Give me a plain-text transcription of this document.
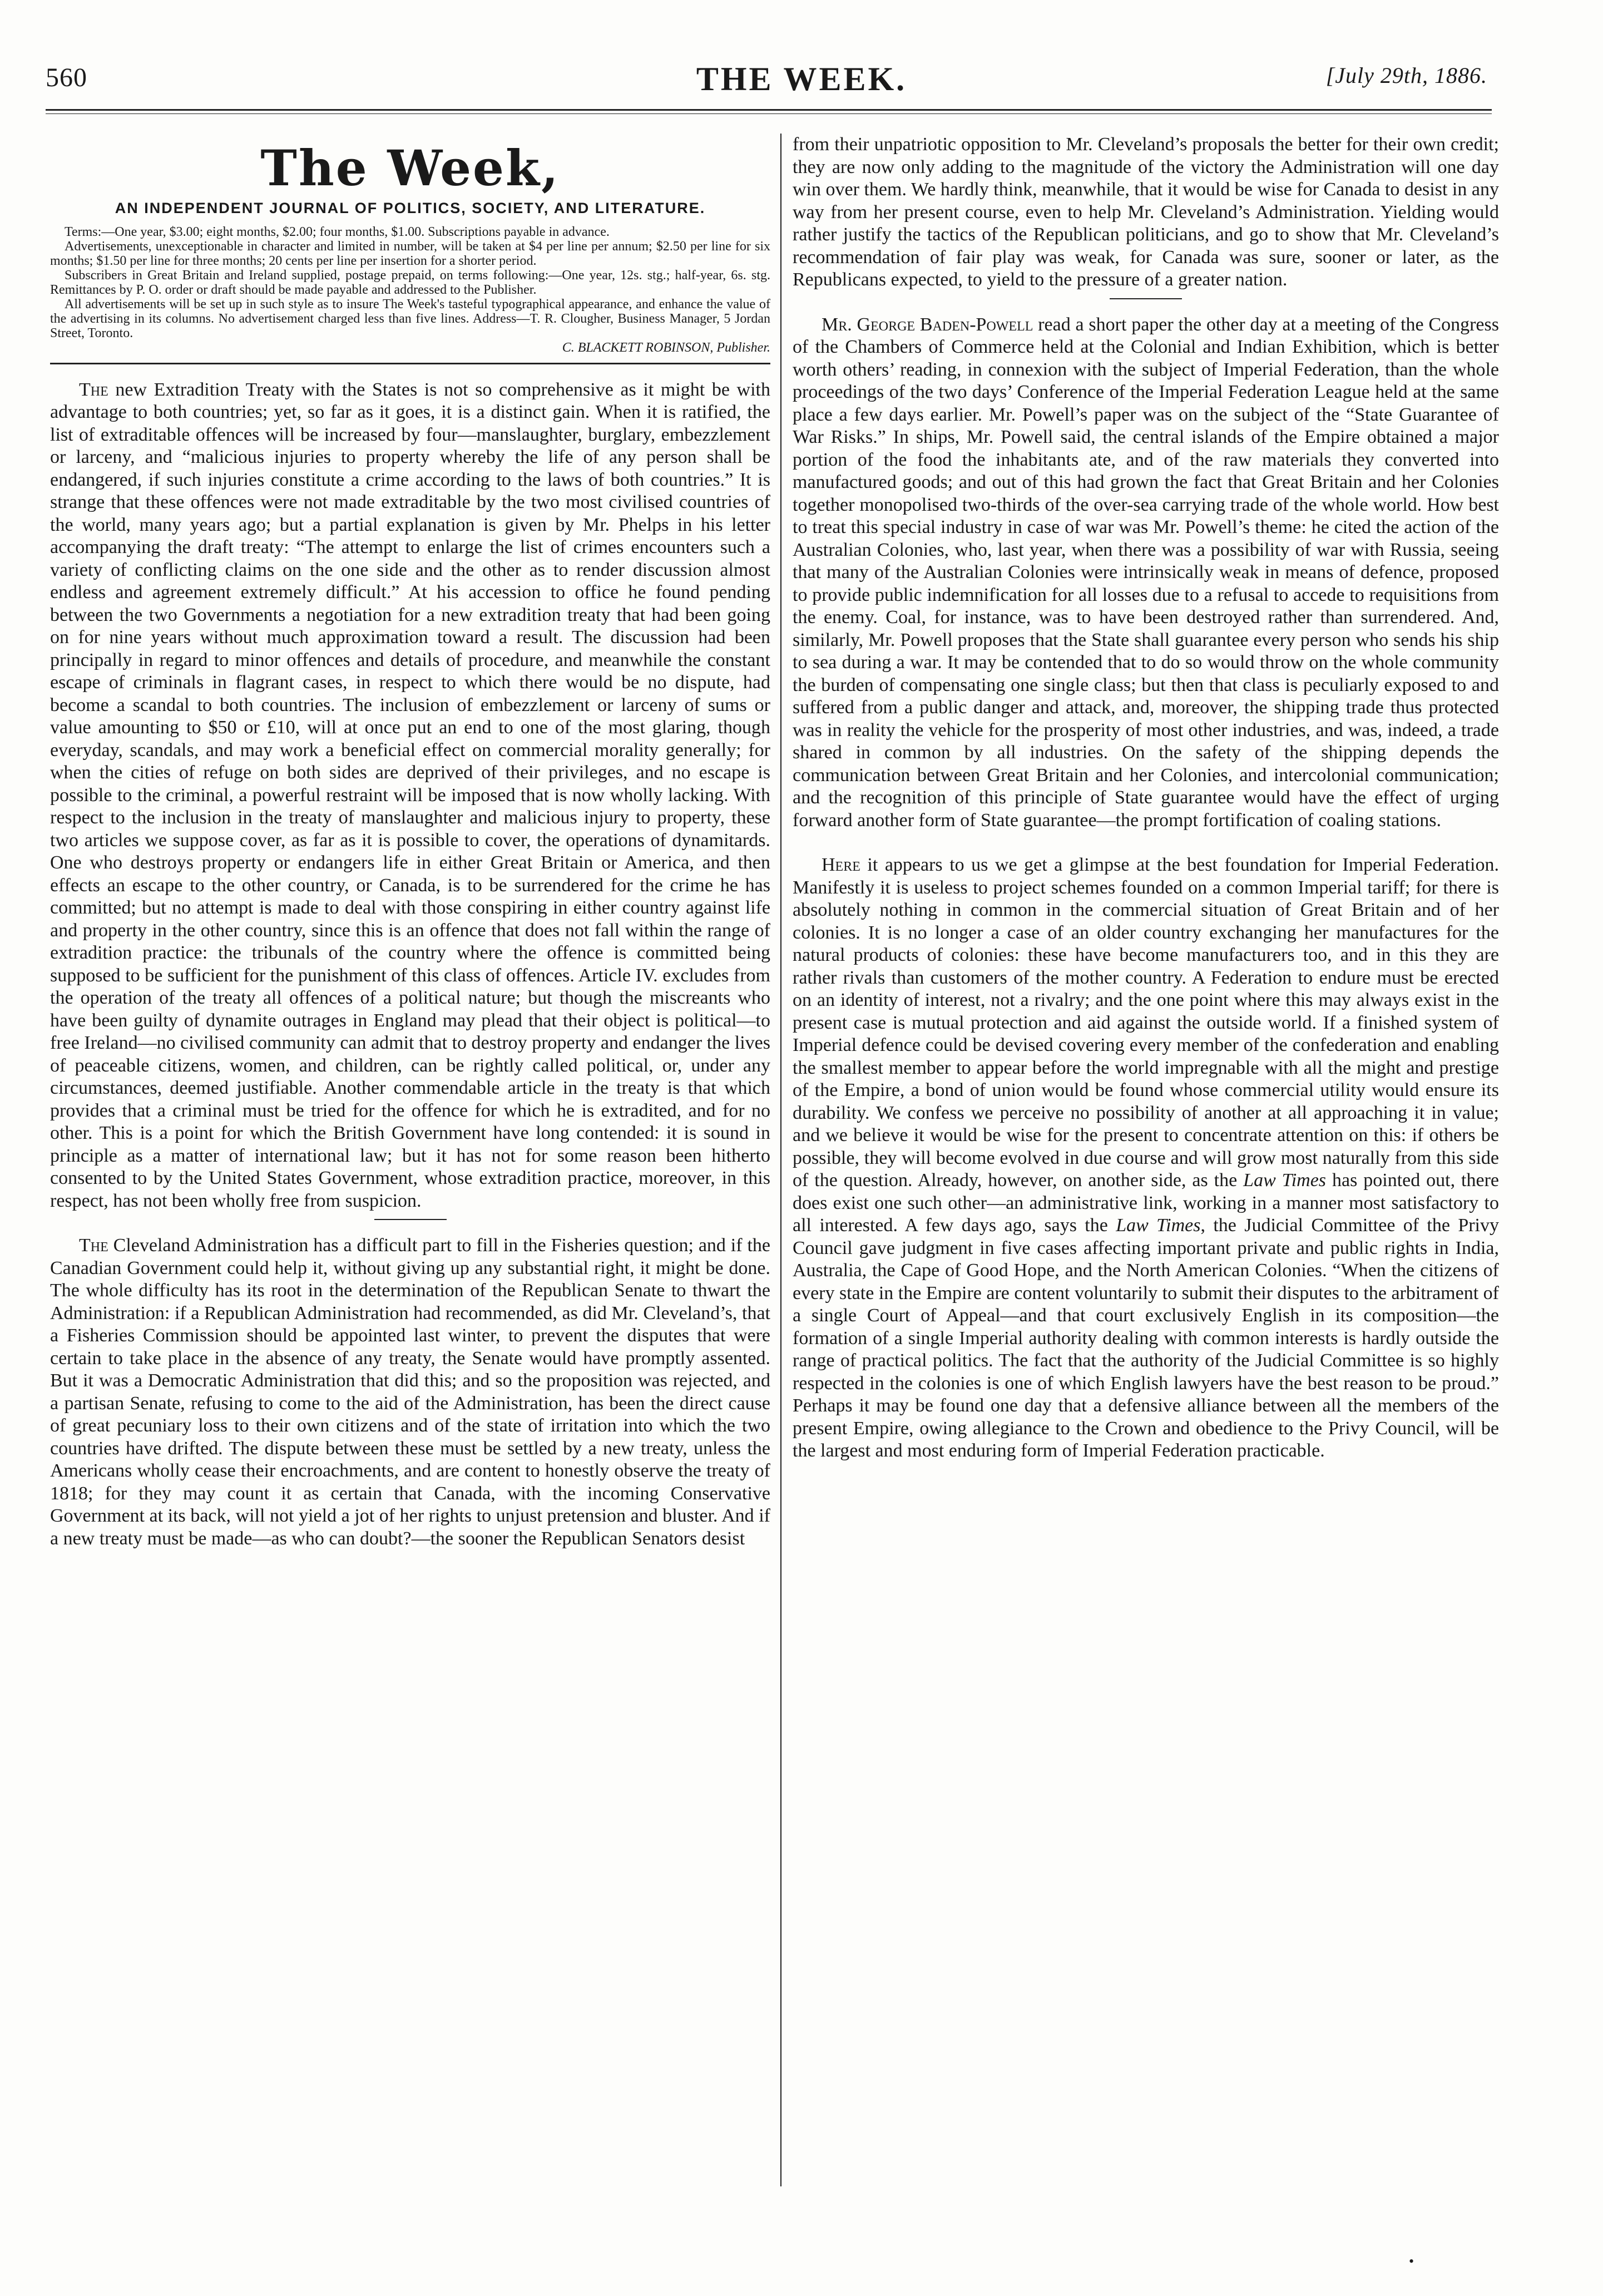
560	THE WEEK.	[July 29th, 1886.
The Week,
AN INDEPENDENT JOURNAL OF POLITICS, SOCIETY, AND LITERATURE.

Terms:—One year, $3.00; eight months, $2.00; four months, $1.00. Subscriptions payable in advance.

Advertisements, unexceptionable in character and limited in number, will be taken at $4 per line per annum; $2.50 per line for six months; $1.50 per line for three months; 20 cents per line per insertion for a shorter period.

Subscribers in Great Britain and Ireland supplied, postage prepaid, on terms following:—One year, 12s. stg.; half-year, 6s. stg. Remittances by P. O. order or draft should be made payable and addressed to the Publisher.

All advertisements will be set up in such style as to insure The Week's tasteful typographical appearance, and enhance the value of the advertising in its columns. No advertisement charged less than five lines. Address—T. R. Clougher, Business Manager, 5 Jordan Street, Toronto.

C. BLACKETT ROBINSON, Publisher.

The new Extradition Treaty with the States is not so comprehensive as it might be with advantage to both countries; yet, so far as it goes, it is a distinct gain. When it is ratified, the list of extraditable offences will be increased by four—manslaughter, burglary, embezzlement or larceny, and “malicious injuries to property whereby the life of any person shall be endangered, if such injuries constitute a crime according to the laws of both countries.” It is strange that these offences were not made extraditable by the two most civilised countries of the world, many years ago; but a partial explanation is given by Mr. Phelps in his letter accompanying the draft treaty: “The attempt to enlarge the list of crimes encounters such a variety of conflicting claims on the one side and the other as to render discussion almost endless and agreement extremely difficult.” At his accession to office he found pending between the two Governments a negotiation for a new extradition treaty that had been going on for nine years without much approximation toward a result. The discussion had been principally in regard to minor offences and details of procedure, and meanwhile the constant escape of criminals in flagrant cases, in respect to which there would be no dispute, had become a scandal to both countries. The inclusion of embezzlement or larceny of sums or value amounting to $50 or £10, will at once put an end to one of the most glaring, though everyday, scandals, and may work a beneficial effect on commercial morality generally; for when the cities of refuge on both sides are deprived of their privileges, and no escape is possible to the criminal, a powerful restraint will be imposed that is now wholly lacking. With respect to the inclusion in the treaty of manslaughter and malicious injury to property, these two articles we suppose cover, as far as it is possible to cover, the operations of dynamitards. One who destroys property or endangers life in either Great Britain or America, and then effects an escape to the other country, or Canada, is to be surrendered for the crime he has committed; but no attempt is made to deal with those conspiring in either country against life and property in the other country, since this is an offence that does not fall within the range of extradition practice: the tribunals of the country where the offence is committed being supposed to be sufficient for the punishment of this class of offences. Article IV. excludes from the operation of the treaty all offences of a political nature; but though the miscreants who have been guilty of dynamite outrages in England may plead that their object is political—to free Ireland—no civilised community can admit that to destroy property and endanger the lives of peaceable citizens, women, and children, can be rightly called political, or, under any circumstances, deemed justifiable. Another commendable article in the treaty is that which provides that a criminal must be tried for the offence for which he is extradited, and for no other. This is a point for which the British Government have long contended: it is sound in principle as a matter of international law; but it has not for some reason been hitherto consented to by the United States Government, whose extradition practice, moreover, in this respect, has not been wholly free from suspicion.

The Cleveland Administration has a difficult part to fill in the Fisheries question; and if the Canadian Government could help it, without giving up any substantial right, it might be done. The whole difficulty has its root in the determination of the Republican Senate to thwart the Administration: if a Republican Administration had recommended, as did Mr. Cleveland’s, that a Fisheries Commission should be appointed last winter, to prevent the disputes that were certain to take place in the absence of any treaty, the Senate would have promptly assented. But it was a Democratic Administration that did this; and so the proposition was rejected, and a partisan Senate, refusing to come to the aid of the Administration, has been the direct cause of great pecuniary loss to their own citizens and of the state of irritation into which the two countries have drifted. The dispute between these must be settled by a new treaty, unless the Americans wholly cease their encroachments, and are content to honestly observe the treaty of 1818; for they may count it as certain that Canada, with the incoming Conservative Government at its back, will not yield a jot of her rights to unjust pretension and bluster. And if a new treaty must be made—as who can doubt?—the sooner the Republican Senators desist

from their unpatriotic opposition to Mr. Cleveland’s proposals the better for their own credit; they are now only adding to the magnitude of the victory the Administration will one day win over them. We hardly think, meanwhile, that it would be wise for Canada to desist in any way from her present course, even to help Mr. Cleveland’s Administration. Yielding would rather justify the tactics of the Republican politicians, and go to show that Mr. Cleveland’s recommendation of fair play was weak, for Canada was sure, sooner or later, as the Republicans expected, to yield to the pressure of a greater nation.

Mr. George Baden-Powell read a short paper the other day at a meeting of the Congress of the Chambers of Commerce held at the Colonial and Indian Exhibition, which is better worth others’ reading, in connexion with the subject of Imperial Federation, than the whole proceedings of the two days’ Conference of the Imperial Federation League held at the same place a few days earlier. Mr. Powell’s paper was on the subject of the “State Guarantee of War Risks.” In ships, Mr. Powell said, the central islands of the Empire obtained a major portion of the food the inhabitants ate, and of the raw materials they converted into manufactured goods; and out of this had grown the fact that Great Britain and her Colonies together monopolised two-thirds of the over-sea carrying trade of the whole world. How best to treat this special industry in case of war was Mr. Powell’s theme: he cited the action of the Australian Colonies, who, last year, when there was a possibility of war with Russia, seeing that many of the Australian Colonies were intrinsically weak in means of defence, proposed to provide public indemnification for all losses due to a refusal to accede to requisitions from the enemy. Coal, for instance, was to have been destroyed rather than surrendered. And, similarly, Mr. Powell proposes that the State shall guarantee every person who sends his ship to sea during a war. It may be contended that to do so would throw on the whole community the burden of compensating one single class; but then that class is peculiarly exposed to and suffered from a public danger and attack, and, moreover, the shipping trade thus protected was in reality the vehicle for the prosperity of most other industries, and was, indeed, a trade shared in common by all industries. On the safety of the shipping depends the communication between Great Britain and her Colonies, and intercolonial communication; and the recognition of this principle of State guarantee would have the effect of urging forward another form of State guarantee—the prompt fortification of coaling stations.

Here it appears to us we get a glimpse at the best foundation for Imperial Federation. Manifestly it is useless to project schemes founded on a common Imperial tariff; for there is absolutely nothing in common in the commercial situation of Great Britain and of her colonies. It is no longer a case of an older country exchanging her manufactures for the natural products of colonies: these have become manufacturers too, and in this they are rather rivals than customers of the mother country. A Federation to endure must be erected on an identity of interest, not a rivalry; and the one point where this may always exist in the present case is mutual protection and aid against the outside world. If a finished system of Imperial defence could be devised covering every member of the confederation and enabling the smallest member to appear before the world impregnable with all the might and prestige of the Empire, a bond of union would be found whose commercial utility would ensure its durability. We confess we perceive no possibility of another at all approaching it in value; and we believe it would be wise for the present to concentrate attention on this: if others be possible, they will become evolved in due course and will grow most naturally from this side of the question. Already, however, on another side, as the Law Times has pointed out, there does exist one such other—an administrative link, working in a manner most satisfactory to all interested. A few days ago, says the Law Times, the Judicial Committee of the Privy Council gave judgment in five cases affecting important private and public rights in India, Australia, the Cape of Good Hope, and the North American Colonies. “When the citizens of every state in the Empire are content voluntarily to submit their disputes to the arbitrament of a single Court of Appeal—and that court exclusively English in its composition—the formation of a single Imperial authority dealing with common interests is hardly outside the range of practical politics. The fact that the authority of the Judicial Committee is so highly respected in the colonies is one of which English lawyers have the best reason to be proud.” Perhaps it may be found one day that a defensive alliance between all the members of the present Empire, owing allegiance to the Crown and obedience to the Privy Council, will be the largest and most enduring form of Imperial Federation practicable.

•
